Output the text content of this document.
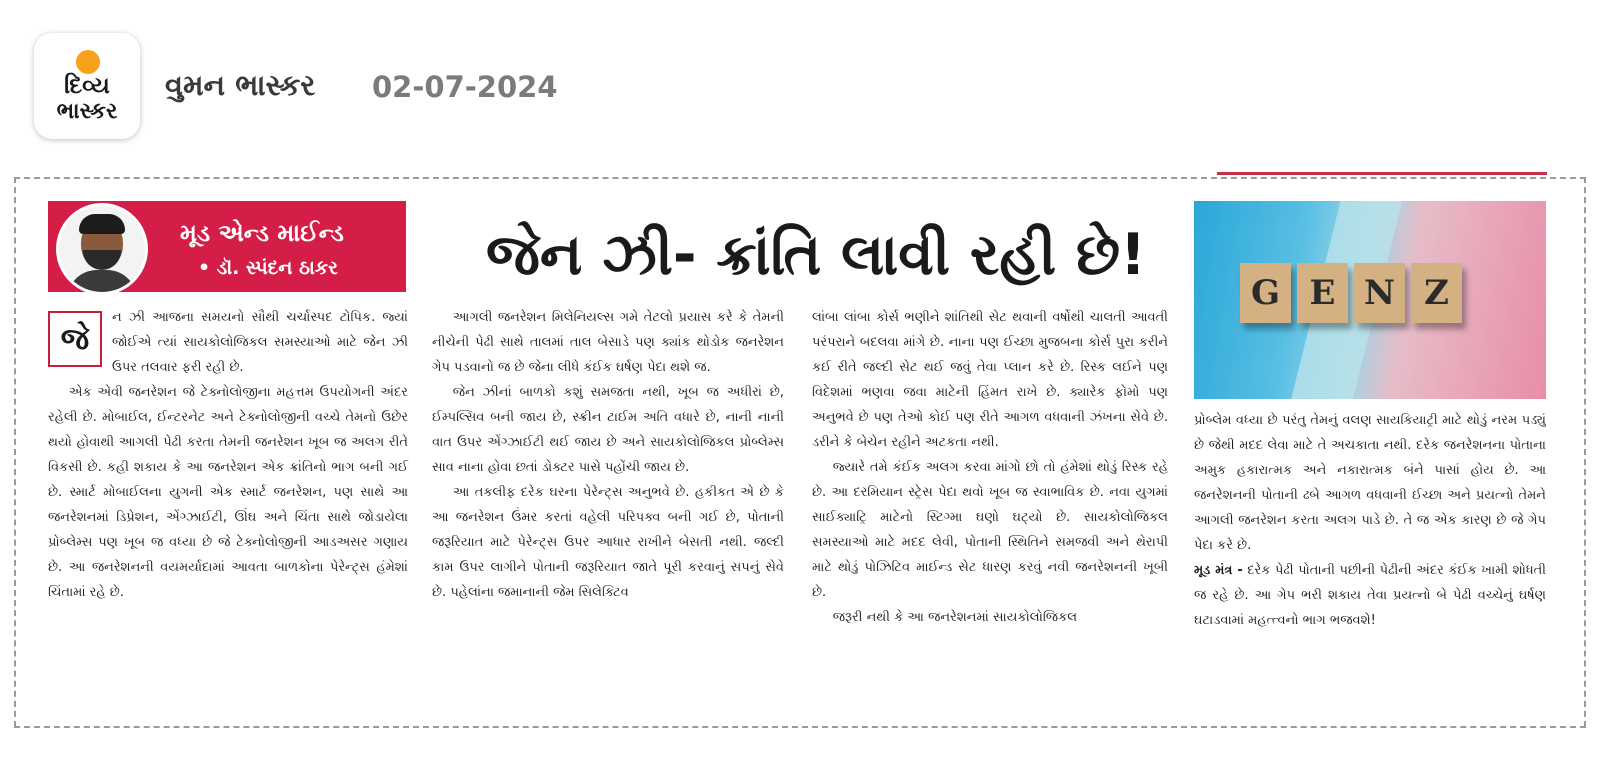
દિવ્ય
ભાસ્કર
વુમન ભાસ્કર 02-07-2024
મૂડ એન્ડ માઈન્ડ
• ડૉ. સ્પંદન ઠાકર	જેન ઝી- ક્રાંતિ લાવી રહી છે!
G E N Z
જે

ન ઝી આજના સમયનો સૌથી ચર્ચાસ્પદ ટોપિક. જ્યાં જોઈએ ત્યાં સાયકોલોજિકલ સમસ્યાઓ માટે જેન ઝી ઉપર તલવાર ફરી રહી છે.

એક એવી જનરેશન જે ટેક્નોલોજીના મહત્તમ ઉપયોગની અંદર રહેલી છે. મોબાઈલ, ઈન્ટરનેટ અને ટેક્નોલોજીની વચ્ચે તેમનો ઉછેર થયો હોવાથી આગલી પેઢી કરતા તેમની જનરેશન ખૂબ જ અલગ રીતે વિકસી છે. કહી શકાય કે આ જનરેશન એક ક્રાંતિનો ભાગ બની ગઈ છે. સ્માર્ટ મોબાઈલના યુગની એક સ્માર્ટ જનરેશન, પણ સાથે આ જનરેશનમાં ડિપ્રેશન, એંગ્ઝાઈટી, ઊંઘ અને ચિંતા સાથે જોડાયેલા પ્રોબ્લેમ્સ પણ ખૂબ જ વધ્યા છે જે ટેક્નોલોજીની આડઅસર ગણાય છે. આ જનરેશનની વયમર્યાદામાં આવતા બાળકોના પેરેન્ટ્સ હંમેશાં ચિંતામાં રહે છે.

આગલી જનરેશન મિલેનિયલ્સ ગમે તેટલો પ્રયાસ કરે કે તેમની નીચેની પેઢી સાથે તાલમાં તાલ બેસાડે પણ ક્યાંક થોડોક જનરેશન ગેપ પડવાનો જ છે જેના લીધે કંઈક ઘર્ષણ પેદા થશે જ.

જેન ઝીનાં બાળકો કશું સમજતા નથી, ખૂબ જ અધીરાં છે, ઈમ્પલ્સિવ બની જાય છે, સ્ક્રીન ટાઈમ અતિ વધારે છે, નાની નાની વાત ઉપર એંગ્ઝાઈટી થઈ જાય છે અને સાયકોલોજિકલ પ્રોબ્લેમ્સ સાવ નાના હોવા છતાં ડોક્ટર પાસે પહોંચી જાય છે.

આ તકલીફ દરેક ઘરના પેરેન્ટ્સ અનુભવે છે. હકીકત એ છે કે આ જનરેશન ઉંમર કરતાં વહેલી પરિપક્વ બની ગઈ છે, પોતાની જરૂરિયાત માટે પેરેન્ટ્સ ઉપર આધાર રાખીને બેસતી નથી. જલ્દી કામ ઉપર લાગીને પોતાની જરૂરિયાત જાતે પૂરી કરવાનું સપનું સેવે છે. પહેલાંના જમાનાની જેમ સિલેક્ટિવ

લાંબા લાંબા કોર્સ ભણીને શાંતિથી સેટ થવાની વર્ષોથી ચાલતી આવતી પરંપરાને બદલવા માંગે છે. નાના પણ ઈચ્છા મુજબના કોર્સ પુરા કરીને કઈ રીતે જલ્દી સેટ થઈ જવું તેવા પ્લાન કરે છે. રિસ્ક લઈને પણ વિદેશમાં ભણવા જવા માટેની હિંમત રાખે છે. ક્યારેક ફોમો પણ અનુભવે છે પણ તેઓ કોઈ પણ રીતે આગળ વધવાની ઝંખના સેવે છે. ડરીને કે બેચેન રહીને અટકતા નથી.

જ્યારે તમે કંઈક અલગ કરવા માંગો છો તો હંમેશાં થોડું રિસ્ક રહે છે. આ દરમિયાન સ્ટ્રેસ પેદા થવો ખૂબ જ સ્વાભાવિક છે. નવા યુગમાં સાઈક્યાટ્રિ માટેનો સ્ટિગ્મા ઘણો ઘટ્યો છે. સાયકોલોજિકલ સમસ્યાઓ માટે મદદ લેવી, પોતાની સ્થિતિને સમજવી અને થેરાપી માટે થોડું પોઝિટિવ માઈન્ડ સેટ ધારણ કરવું નવી જનરેશનની ખૂબી છે.

જરૂરી નથી કે આ જનરેશનમાં સાયકોલોજિકલ

પ્રોબ્લેમ વધ્યા છે પરંતુ તેમનું વલણ સાયકિયાટ્રી માટે થોડું નરમ પડ્યું છે જેથી મદદ લેવા માટે તે અચકાતા નથી. દરેક જનરેશનના પોતાના અમુક હકારાત્મક અને નકારાત્મક બંને પાસાં હોય છે. આ જનરેશનની પોતાની ઢબે આગળ વધવાની ઈચ્છા અને પ્રયત્નો તેમને આગલી જનરેશન કરતા અલગ પાડે છે. તે જ એક કારણ છે જે ગેપ પેદા કરે છે.

મૂડ મંત્ર - દરેક પેઢી પોતાની પછીની પેઢીની અંદર કંઈક ખામી શોધતી જ રહે છે. આ ગેપ ભરી શકાય તેવા પ્રયત્નો બે પેઢી વચ્ચેનું ઘર્ષણ ઘટાડવામાં મહત્ત્વનો ભાગ ભજવશે!
